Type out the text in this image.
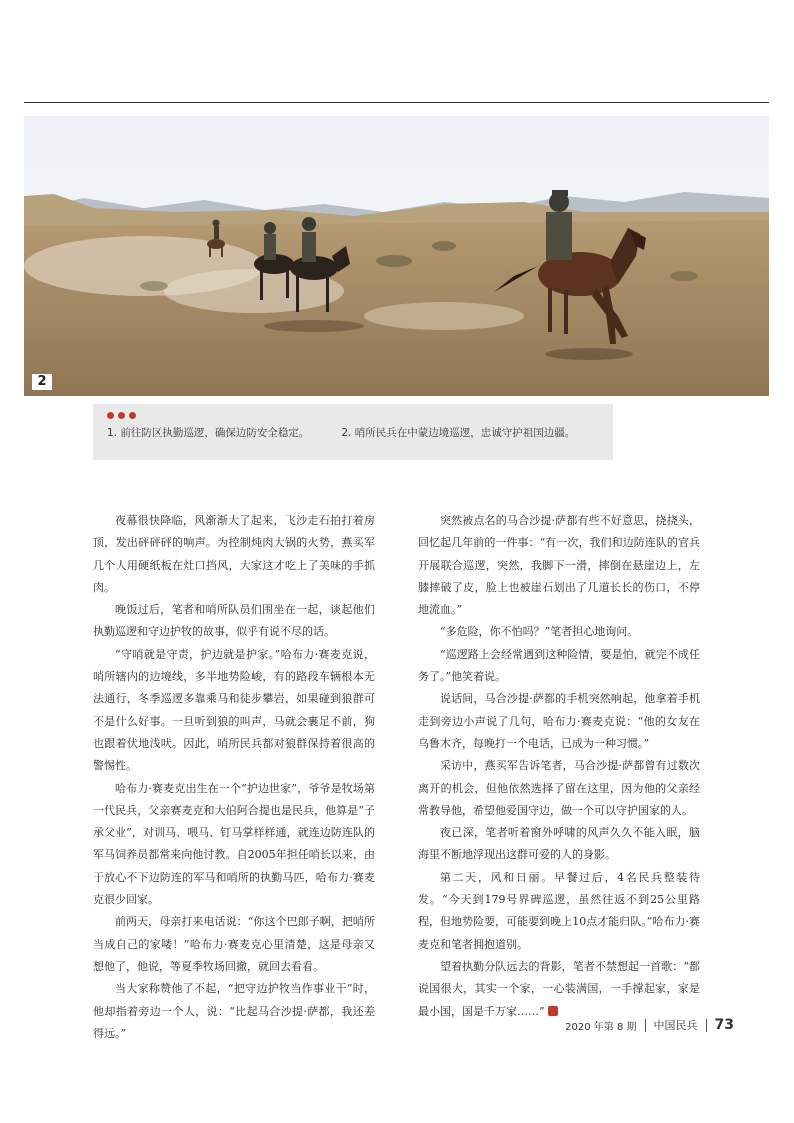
2
1. 前往防区执勤巡逻，确保边防安全稳定。	2. 哨所民兵在中蒙边境巡逻，忠诚守护祖国边疆。

夜幕很快降临，风渐渐大了起来，飞沙走石拍打着房顶，发出砰砰砰的响声。为控制炖肉大锅的火势，燕买军几个人用硬纸板在灶口挡风，大家这才吃上了美味的手抓肉。

晚饭过后，笔者和哨所队员们围坐在一起，谈起他们执勤巡逻和守边护牧的故事，似乎有说不尽的话。

“守哨就是守责，护边就是护家。”哈布力·赛麦克说，哨所辖内的边境线，多半地势险峻，有的路段车辆根本无法通行，冬季巡逻多靠乘马和徒步攀岩，如果碰到狼群可不是什么好事。一旦听到狼的叫声，马就会裹足不前，狗也跟着伏地浅吠。因此，哨所民兵都对狼群保持着很高的警惕性。

哈布力·赛麦克出生在一个“护边世家”，爷爷是牧场第一代民兵，父亲赛麦克和大伯阿合提也是民兵，他算是“子承父业”，对训马、喂马、钉马掌样样通，就连边防连队的军马饲养员都常来向他讨教。自2005年担任哨长以来，由于放心不下边防连的军马和哨所的执勤马匹，哈布力·赛麦克很少回家。

前两天，母亲打来电话说：“你这个巴郎子啊，把哨所当成自己的家喽！”哈布力·赛麦克心里清楚，这是母亲又想他了，他说，等夏季牧场回撤，就回去看看。

当大家称赞他了不起，“把守边护牧当作事业干”时，他却指着旁边一个人，说：“比起马合沙提·萨都，我还差得远。”

突然被点名的马合沙提·萨都有些不好意思，挠挠头，回忆起几年前的一件事：“有一次，我们和边防连队的官兵开展联合巡逻，突然，我脚下一滑，摔倒在悬崖边上，左膝摔破了皮，脸上也被崖石划出了几道长长的伤口，不停地流血。”

“多危险，你不怕吗？”笔者担心地询问。

“巡逻路上会经常遇到这种险情，要是怕，就完不成任务了。”他笑着说。

说话间，马合沙提·萨都的手机突然响起，他拿着手机走到旁边小声说了几句，哈布力·赛麦克说：“他的女友在乌鲁木齐，每晚打一个电话，已成为一种习惯。”

采访中，燕买军告诉笔者，马合沙提·萨都曾有过数次离开的机会，但他依然选择了留在这里，因为他的父亲经常教导他，希望他爱国守边，做一个可以守护国家的人。

夜已深，笔者听着窗外呼啸的风声久久不能入眠，脑海里不断地浮现出这群可爱的人的身影。

第二天，风和日丽。早餐过后，4名民兵整装待发。“今天到179号界碑巡逻，虽然往返不到25公里路程，但地势险要，可能要到晚上10点才能归队。”哈布力·赛麦克和笔者拥抱道别。

望着执勤分队远去的背影，笔者不禁想起一首歌：“都说国很大，其实一个家，一心装满国，一手撑起家，家是最小国，国是千万家……”

2020 年第 8 期 中国民兵 73
